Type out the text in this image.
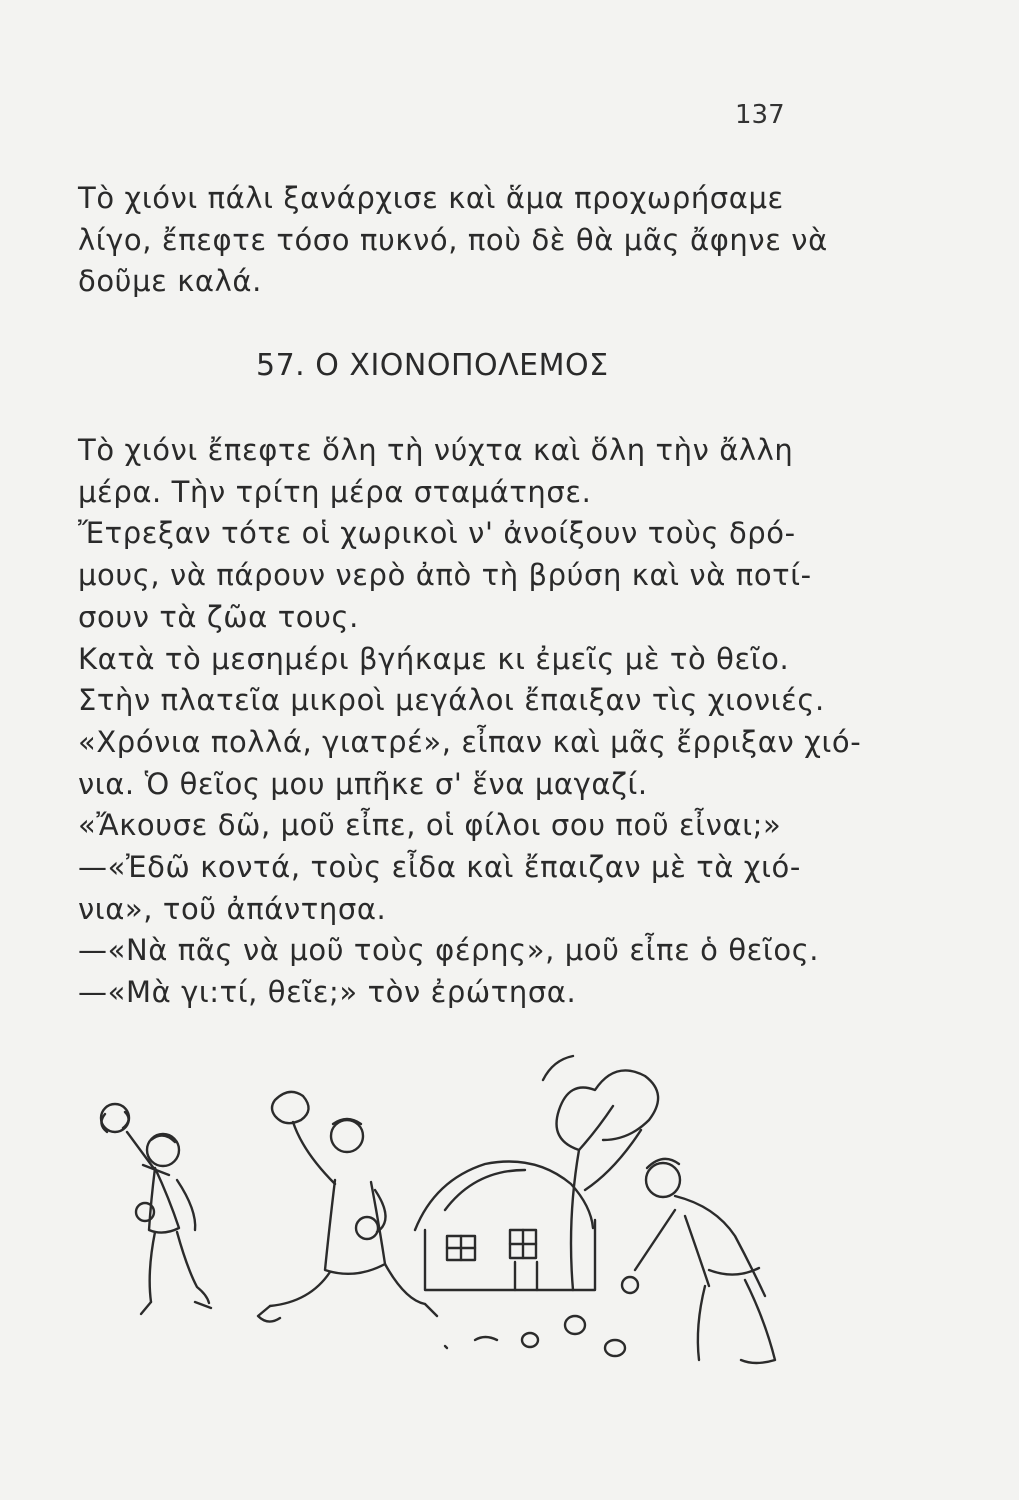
137
Τὸ χιόνι πάλι ξανάρχισε καὶ ἅμα προχωρήσαμε
λίγο, ἔπεφτε τόσο πυκνό, ποὺ δὲ θὰ μᾶς ἄφηνε νὰ
δοῦμε καλά.
57. Ο ΧΙΟΝΟΠΟΛΕΜΟΣ
Τὸ χιόνι ἔπεφτε ὅλη τὴ νύχτα καὶ ὅλη τὴν ἄλλη
μέρα. Τὴν τρίτη μέρα σταμάτησε.
Ἔτρεξαν τότε οἱ χωρικοὶ ν' ἀνοίξουν τοὺς δρό-
μους, νὰ πάρουν νερὸ ἀπὸ τὴ βρύση καὶ νὰ ποτί-
σουν τὰ ζῶα τους.
Κατὰ τὸ μεσημέρι βγήκαμε κι ἐμεῖς μὲ τὸ θεῖο.
Στὴν πλατεῖα μικροὶ μεγάλοι ἔπαιξαν τὶς χιονιές.
«Χρόνια πολλά, γιατρέ», εἶπαν καὶ μᾶς ἔρριξαν χιό-
νια. Ὁ θεῖος μου μπῆκε σ' ἕνα μαγαζί.
«Ἄκουσε δῶ, μοῦ εἶπε, οἱ φίλοι σου ποῦ εἶναι;»
—«Ἐδῶ κοντά, τοὺς εἶδα καὶ ἔπαιζαν μὲ τὰ χιό-
νια», τοῦ ἀπάντησα.
—«Νὰ πᾶς νὰ μοῦ τοὺς φέρης», μοῦ εἶπε ὁ θεῖος.
—«Μὰ γι:τί, θεῖε;» τὸν ἐρώτησα.
